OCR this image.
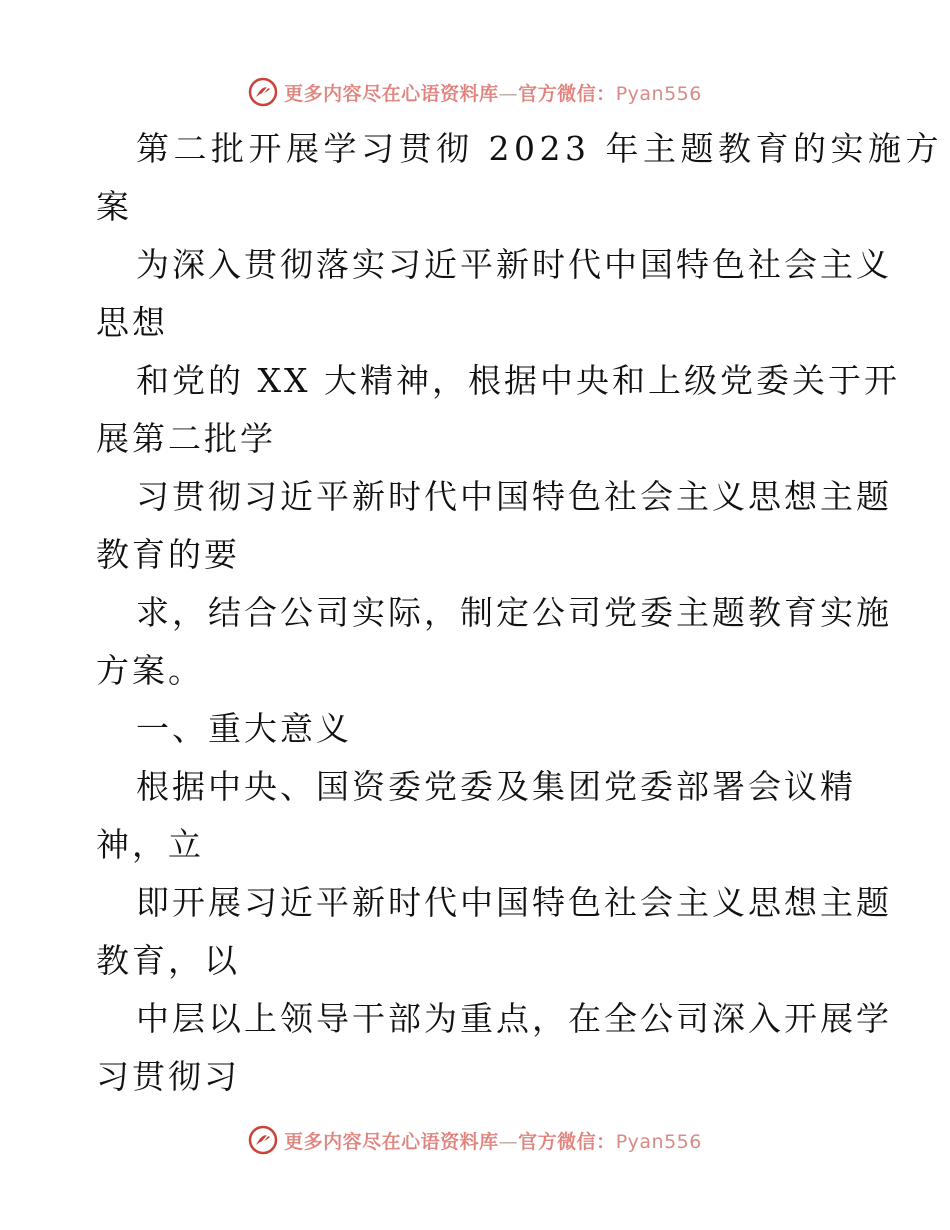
更多内容尽在心语资料库—官方微信：Pyan556
第二批开展学习贯彻 2023 年主题教育的实施方
案
为深入贯彻落实习近平新时代中国特色社会主义
思想
和党的 XX 大精神，根据中央和上级党委关于开
展第二批学
习贯彻习近平新时代中国特色社会主义思想主题
教育的要
求，结合公司实际，制定公司党委主题教育实施
方案。
一、重大意义
根据中央、国资委党委及集团党委部署会议精
神，立
即开展习近平新时代中国特色社会主义思想主题
教育，以
中层以上领导干部为重点，在全公司深入开展学
习贯彻习
更多内容尽在心语资料库—官方微信：Pyan556
